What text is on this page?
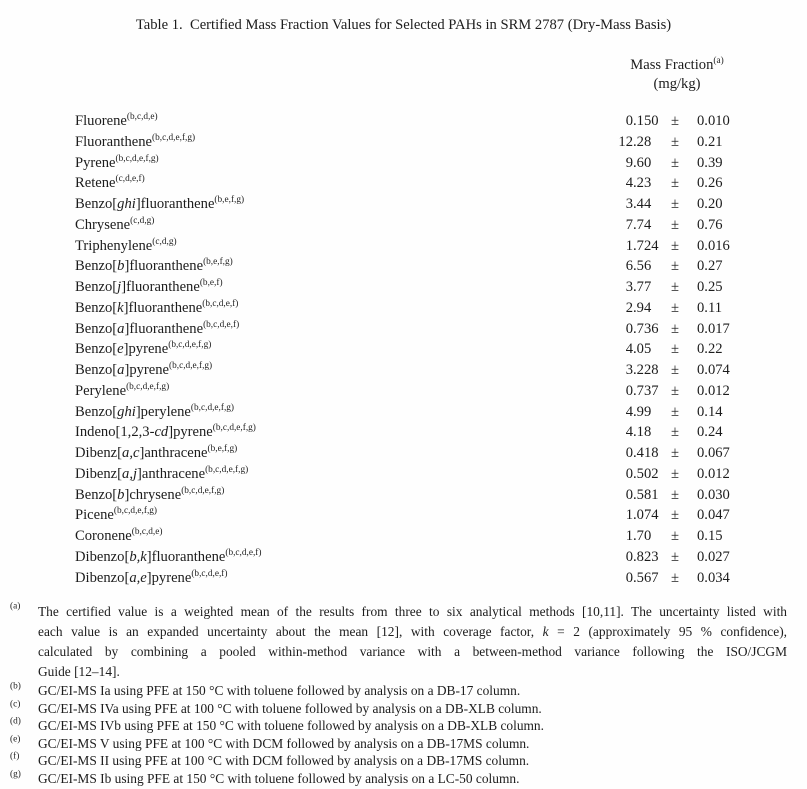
Table 1.  Certified Mass Fraction Values for Selected PAHs in SRM 2787 (Dry-Mass Basis)
Mass Fraction$^{(a)}$
(mg/kg)
Fluorene$^{(b,c,d,e)}$	0 .150 ±	0.010
Fluoranthene$^{(b,c,d,e,f,g)}$	12 .28	±	0.21
Pyrene$^{(b,c,d,e,f,g)}$	9 .60	±	0.39
Retene$^{(c,d,e,f)}$	4 .23	±	0.26
Benzo[ghi]fluoranthene$^{(b,e,f,g)}$	3 .44	±	0.20
Chrysene$^{(c,d,g)}$	7 .74	±	0.76
Triphenylene$^{(c,d,g)}$	1 .724 ±	0.016
Benzo[b]fluoranthene$^{(b,e,f,g)}$	6 .56	±	0.27
Benzo[j]fluoranthene$^{(b,e,f)}$	3 .77	±	0.25
Benzo[k]fluoranthene$^{(b,c,d,e,f)}$	2 .94	±	0.11
Benzo[a]fluoranthene$^{(b,c,d,e,f)}$	0 .736 ±	0.017
Benzo[e]pyrene$^{(b,c,d,e,f,g)}$	4 .05	±	0.22
Benzo[a]pyrene$^{(b,c,d,e,f,g)}$	3 .228 ±	0.074
Perylene$^{(b,c,d,e,f,g)}$	0 .737 ±	0.012
Benzo[ghi]perylene$^{(b,c,d,e,f,g)}$	4 .99	±	0.14
Indeno[1,2,3-cd]pyrene$^{(b,c,d,e,f,g)}$	4 .18	±	0.24
Dibenz[a,c]anthracene$^{(b,e,f,g)}$	0 .418 ±	0.067
Dibenz[a,j]anthracene$^{(b,c,d,e,f,g)}$	0 .502 ±	0.012
Benzo[b]chrysene$^{(b,c,d,e,f,g)}$	0 .581 ±	0.030
Picene$^{(b,c,d,e,f,g)}$	1 .074 ±	0.047
Coronene$^{(b,c,d,e)}$	1 .70	±	0.15
Dibenzo[b,k]fluoranthene$^{(b,c,d,e,f)}$	0 .823 ±	0.027
Dibenzo[a,e]pyrene$^{(b,c,d,e,f)}$	0 .567 ±	0.034
$^{(a)}$	The certified value is a weighted mean of the results from three to six analytical methods [10,11]. The uncertainty listed with
each value is an expanded uncertainty about the mean [12], with coverage factor, k = 2 (approximately 95 % confidence),
calculated by combining a pooled within-method variance with a between-method variance following the ISO/JCGM
Guide [12–14].
$^{(b)}$	GC/EI-MS Ia using PFE at 150 °C with toluene followed by analysis on a DB-17 column.
$^{(c)}$	GC/EI-MS IVa using PFE at 100 °C with toluene followed by analysis on a DB-XLB column.
$^{(d)}$	GC/EI-MS IVb using PFE at 150 °C with toluene followed by analysis on a DB-XLB column.
$^{(e)}$	GC/EI-MS V using PFE at 100 °C with DCM followed by analysis on a DB-17MS column.
$^{(f)}$	GC/EI-MS II using PFE at 100 °C with DCM followed by analysis on a DB-17MS column.
$^{(g)}$	GC/EI-MS Ib using PFE at 150 °C with toluene followed by analysis on a LC-50 column.
